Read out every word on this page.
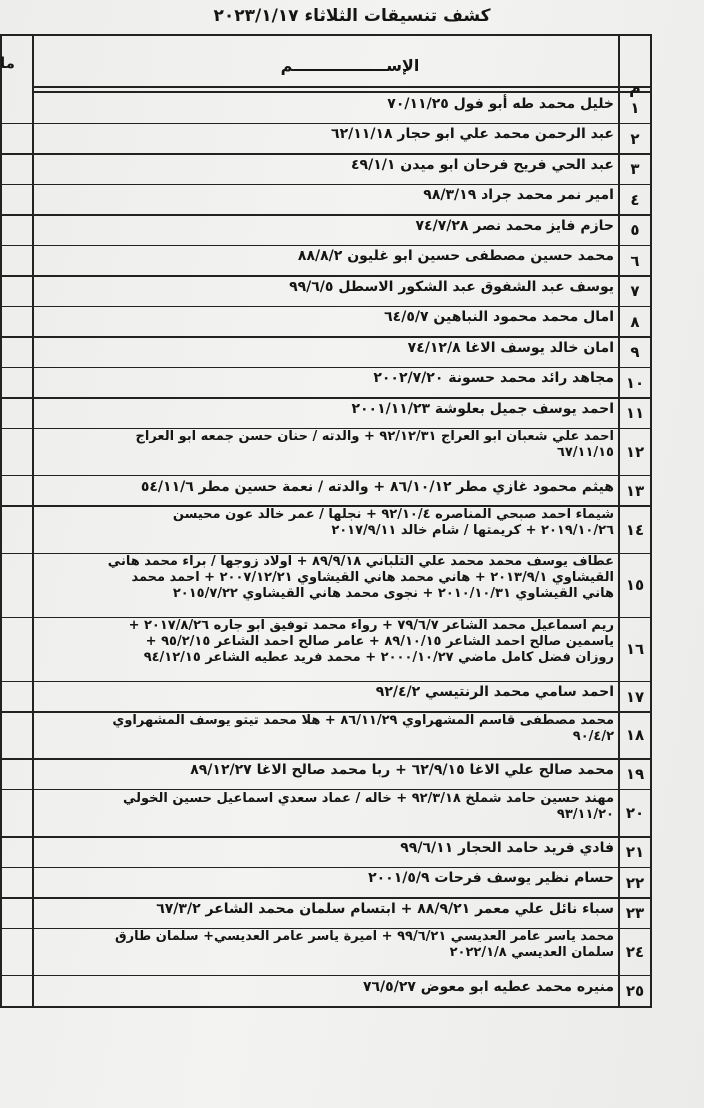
كشف تنسيقات الثلاثاء ٢٠٢٣/١/١٧
ما	الإســـــــــــــــــم
م
خليل محمد طه أبو فول ٧٠/١١/٢٥	١
عبد الرحمن محمد علي ابو حجار ٦٢/١١/١٨	٢
عبد الحي فريح فرحان ابو ميدن ٤٩/١/١	٣
امير نمر محمد جراد ٩٨/٣/١٩	٤
حازم فايز محمد نصر ٧٤/٧/٢٨	٥
محمد حسين مصطفى حسين ابو غليون ٨٨/٨/٢	٦
يوسف عبد الشفوق عبد الشكور الاسطل ٩٩/٦/٥	٧
امال محمد محمود النباهين ٦٤/٥/٧	٨
امان خالد يوسف الاغا ٧٤/١٢/٨	٩
مجاهد رائد محمد حسونة ٢٠٠٢/٧/٢٠ ١٠
احمد يوسف جميل بعلوشة ٢٠٠١/١١/٢٣ ١١
احمد علي شعبان ابو العراج ٩٢/١٢/٣١ + والدته / حنان حسن جمعه ابو العراج
٦٧/١١/١٥ ١٢
هيثم محمود غازي مطر ٨٦/١٠/١٢ + والدته / نعمة حسين مطر ٥٤/١١/٦ ١٣
شيماء احمد صبحي المناصره ٩٢/١٠/٤ + نجلها / عمر خالد عون محيسن
٢٠١٩/١٠/٢٦ + كريمتها / شام خالد ٢٠١٧/٩/١١ ١٤
عطاف يوسف محمد محمد علي التلباني ٨٩/٩/١٨ + اولاد زوجها / براء محمد هاني
القيشاوي ٢٠١٣/٩/١ + هاني محمد هاني القيشاوي ٢٠٠٧/١٢/٢١ + احمد محمد
هاني القيشاوي ٢٠١٠/١٠/٣١ + نجوى محمد هاني القيشاوي ٢٠١٥/٧/٢٢ ١٥
ريم اسماعيل محمد الشاعر ٧٩/٦/٧ + رواء محمد توفيق ابو جاره ٢٠١٧/٨/٢٦ +
ياسمين صالح احمد الشاعر ٨٩/١٠/١٥ + عامر صالح احمد الشاعر ٩٥/٢/١٥ +
روزان فضل كامل ماضي ٢٠٠٠/١٠/٢٧ + محمد فريد عطيه الشاعر ٩٤/١٢/١٥ ١٦
احمد سامي محمد الرنتيسي ٩٢/٤/٢ ١٧
محمد مصطفى قاسم المشهراوي ٨٦/١١/٢٩ + هلا محمد تيتو يوسف المشهراوي
٩٠/٤/٢ ١٨
محمد صالح علي الاغا ٦٢/٩/١٥ + ربا محمد صالح الاغا ٨٩/١٢/٢٧ ١٩
مهند حسين حامد شملخ ٩٢/٣/١٨ + خاله / عماد سعدي اسماعيل حسين الخولي
٩٣/١١/٢٠ ٢٠
فادي فريد حامد الحجار ٩٩/٦/١١ ٢١
حسام نظير يوسف فرحات ٢٠٠١/٥/٩ ٢٢
سباء نائل علي معمر ٨٨/٩/٢١ + ابتسام سلمان محمد الشاعر ٦٧/٣/٢ ٢٣
محمد ياسر عامر العديسي ٩٩/٦/٢١ + اميرة ياسر عامر العديسي+ سلمان طارق
سلمان العديسي ٢٠٢٢/١/٨ ٢٤
منيره محمد عطيه ابو معوض ٧٦/٥/٢٧ ٢٥
